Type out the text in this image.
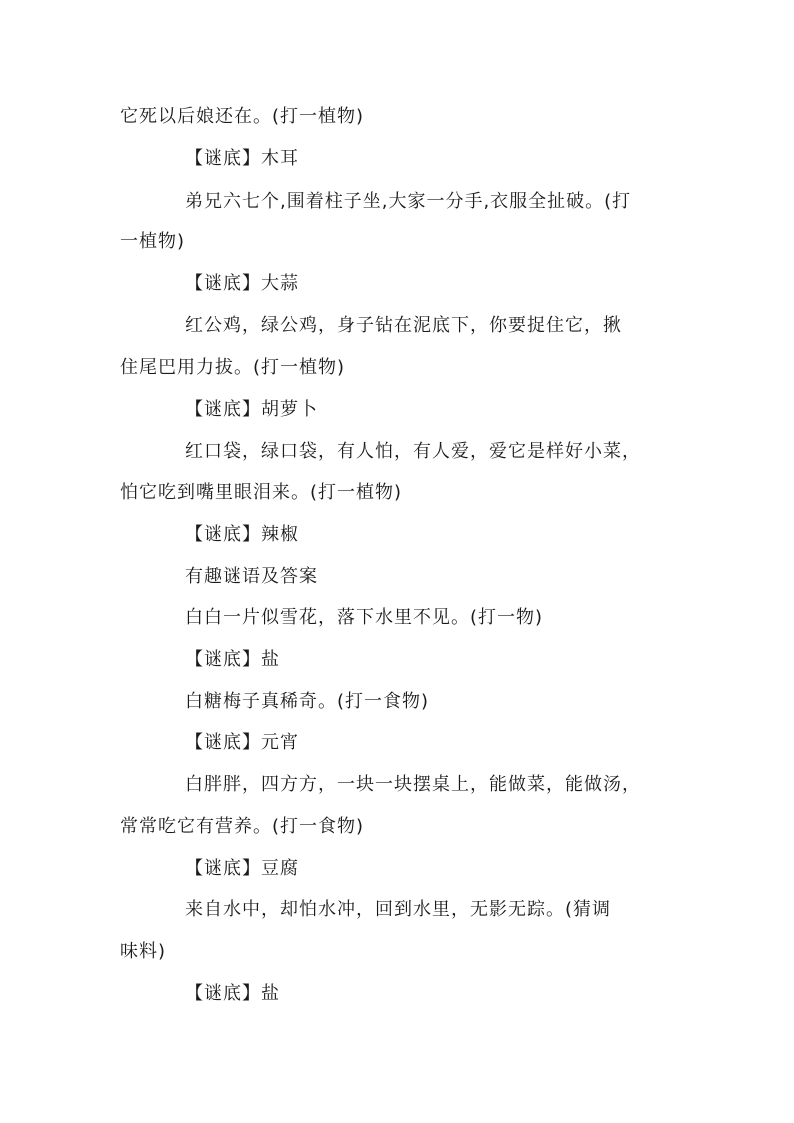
它死以后娘还在。(打一植物)
【谜底】木耳
弟兄六七个,围着柱子坐,大家一分手,衣服全扯破。(打
一植物)
【谜底】大蒜
红公鸡，绿公鸡，身子钻在泥底下，你要捉住它，揪
住尾巴用力拔。(打一植物)
【谜底】胡萝卜
红口袋，绿口袋，有人怕，有人爱，爱它是样好小菜，
怕它吃到嘴里眼泪来。(打一植物)
【谜底】辣椒
有趣谜语及答案
白白一片似雪花，落下水里不见。(打一物)
【谜底】盐
白糖梅子真稀奇。(打一食物)
【谜底】元宵
白胖胖，四方方，一块一块摆桌上，能做菜，能做汤，
常常吃它有营养。(打一食物)
【谜底】豆腐
来自水中，却怕水冲，回到水里，无影无踪。(猜调
味料)
【谜底】盐
